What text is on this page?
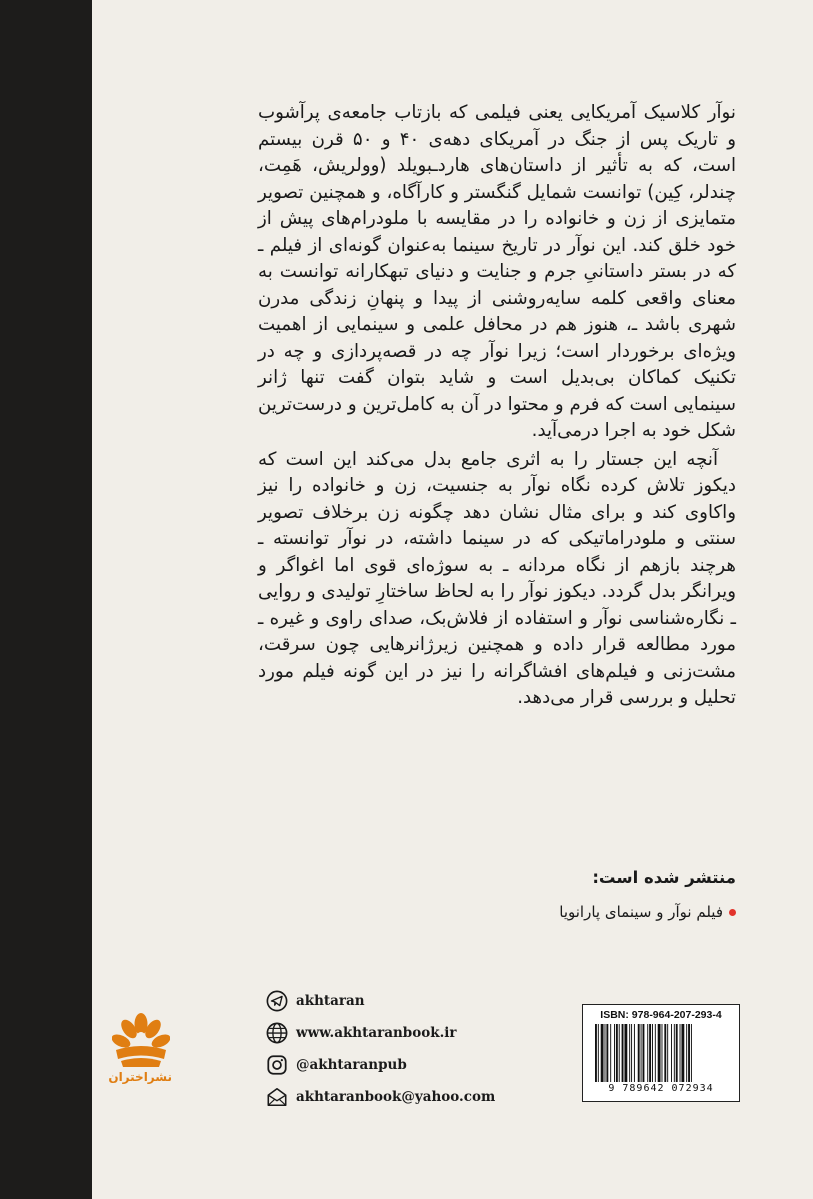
نوآر کلاسیک آمریکایی یعنی فیلمی که بازتاب جامعه‌ی پرآشوب و تاریک پس از جنگ در آمریکای دهه‌ی ۴۰ و ۵۰ قرن بیستم است، که به تأثیر از داستان‌های هاردـبویلد (وولریش، هَمِت، چندلر، کِین) توانست شمایل گنگستر و کارآگاه، و همچنین تصویر متمایزی از زن و خانواده را در مقایسه با ملودرام‌های پیش از خود خلق کند. این نوآر در تاریخ سینما به‌عنوان گونه‌ای از فیلم ـ که در بستر داستانیِ جرم و جنایت و دنیای تبهکارانه توانست به معنای واقعی کلمه سایه‌روشنی از پیدا و پنهانِ زندگی مدرن شهری باشد ـ، هنوز هم در محافل علمی و سینمایی از اهمیت ویژه‌ای برخوردار است؛ زیرا نوآر چه در قصه‌پردازی و چه در تکنیک کماکان بی‌بدیل است و شاید بتوان گفت تنها ژانر سینمایی است که فرم و محتوا در آن به کامل‌ترین و درست‌ترین شکل خود به اجرا درمی‌آید.

آنچه این جستار را به اثری جامع بدل می‌کند این است که دیکوز تلاش کرده نگاه نوآر به جنسیت، زن و خانواده را نیز واکاوی کند و برای مثال نشان دهد چگونه زن برخلاف تصویر سنتی و ملودراماتیکی که در سینما داشته، در نوآر توانسته ـ هرچند بازهم از نگاه مردانه ـ به سوژه‌ای قوی اما اغواگر و ویرانگر بدل گردد. دیکوز نوآر را به لحاظ ساختارِ تولیدی و روایی ـ نگاره‌شناسی نوآر و استفاده از فلاش‌بک، صدای راوی و غیره ـ مورد مطالعه قرار داده و همچنین زیرژانرهایی چون سرقت، مشت‌زنی و فیلم‌های افشاگرانه را نیز در این گونه فیلم مورد تحلیل و بررسی قرار می‌دهد.

منتشر شده است:
فیلم نوآر و سینمای پارانویا
akhtaran
www.akhtaranbook.ir
@akhtaranpub
akhtaranbook@yahoo.com
نشراختران
ISBN: 978-964-207-293-4
9 789642 072934
